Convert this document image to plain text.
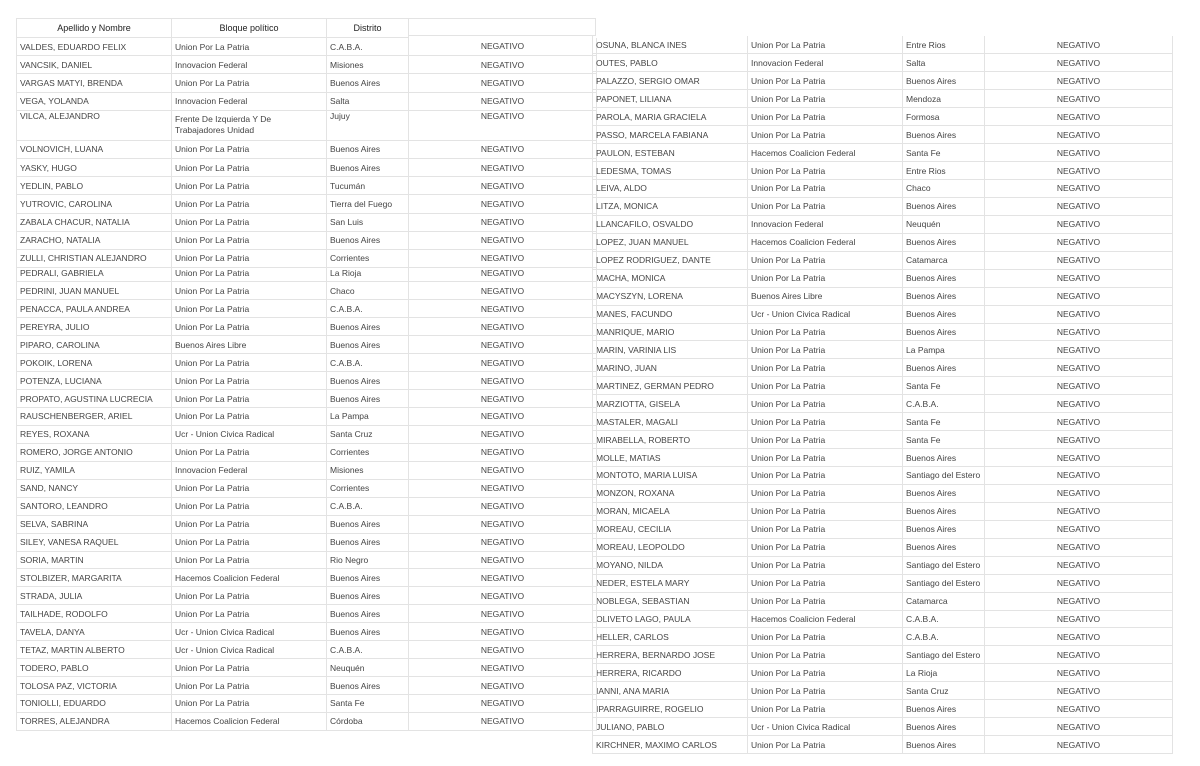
Apellido y Nombre	Bloque político	Distrito	
VALDES, EDUARDO FELIX	Union Por La Patria	C.A.B.A.	NEGATIVO
VANCSIK, DANIEL	Innovacion Federal	Misiones	NEGATIVO
VARGAS MATYI, BRENDA	Union Por La Patria	Buenos Aires	NEGATIVO
VEGA, YOLANDA	Innovacion Federal	Salta	NEGATIVO
VILCA, ALEJANDRO	Frente De Izquierda Y De Trabajadores Unidad	Jujuy	NEGATIVO
VOLNOVICH, LUANA	Union Por La Patria	Buenos Aires	NEGATIVO
YASKY, HUGO	Union Por La Patria	Buenos Aires	NEGATIVO
YEDLIN, PABLO	Union Por La Patria	Tucumán	NEGATIVO
YUTROVIC, CAROLINA	Union Por La Patria	Tierra del Fuego	NEGATIVO
ZABALA CHACUR, NATALIA	Union Por La Patria	San Luis	NEGATIVO
ZARACHO, NATALIA	Union Por La Patria	Buenos Aires	NEGATIVO
ZULLI, CHRISTIAN ALEJANDRO	Union Por La Patria	Corrientes	NEGATIVO
OSUNA, BLANCA INES	Union Por La Patria	Entre Rios	NEGATIVO
OUTES, PABLO	Innovacion Federal	Salta	NEGATIVO
PALAZZO, SERGIO OMAR	Union Por La Patria	Buenos Aires	NEGATIVO
PAPONET, LILIANA	Union Por La Patria	Mendoza	NEGATIVO
PAROLA, MARIA GRACIELA	Union Por La Patria	Formosa	NEGATIVO
PASSO, MARCELA FABIANA	Union Por La Patria	Buenos Aires	NEGATIVO
PAULON, ESTEBAN	Hacemos Coalicion Federal	Santa Fe	NEGATIVO
LEDESMA, TOMAS	Union Por La Patria	Entre Rios	NEGATIVO
LEIVA, ALDO	Union Por La Patria	Chaco	NEGATIVO
LITZA, MONICA	Union Por La Patria	Buenos Aires	NEGATIVO
LLANCAFILO, OSVALDO	Innovacion Federal	Neuquén	NEGATIVO
LOPEZ, JUAN MANUEL	Hacemos Coalicion Federal	Buenos Aires	NEGATIVO
LOPEZ RODRIGUEZ, DANTE	Union Por La Patria	Catamarca	NEGATIVO
MACHA, MONICA	Union Por La Patria	Buenos Aires	NEGATIVO
MACYSZYN, LORENA	Buenos Aires Libre	Buenos Aires	NEGATIVO
MANES, FACUNDO	Ucr - Union Civica Radical	Buenos Aires	NEGATIVO
MANRIQUE, MARIO	Union Por La Patria	Buenos Aires	NEGATIVO
MARIN, VARINIA LIS	Union Por La Patria	La Pampa	NEGATIVO
MARINO, JUAN	Union Por La Patria	Buenos Aires	NEGATIVO
MARTINEZ, GERMAN PEDRO	Union Por La Patria	Santa Fe	NEGATIVO
MARZIOTTA, GISELA	Union Por La Patria	C.A.B.A.	NEGATIVO
MASTALER, MAGALI	Union Por La Patria	Santa Fe	NEGATIVO
MIRABELLA, ROBERTO	Union Por La Patria	Santa Fe	NEGATIVO
MOLLE, MATIAS	Union Por La Patria	Buenos Aires	NEGATIVO
MONTOTO, MARIA LUISA	Union Por La Patria	Santiago del Estero	NEGATIVO
MONZON, ROXANA	Union Por La Patria	Buenos Aires	NEGATIVO
MORAN, MICAELA	Union Por La Patria	Buenos Aires	NEGATIVO
MOREAU, CECILIA	Union Por La Patria	Buenos Aires	NEGATIVO
MOREAU, LEOPOLDO	Union Por La Patria	Buenos Aires	NEGATIVO
MOYANO, NILDA	Union Por La Patria	Santiago del Estero	NEGATIVO
NEDER, ESTELA MARY	Union Por La Patria	Santiago del Estero	NEGATIVO
NOBLEGA, SEBASTIAN	Union Por La Patria	Catamarca	NEGATIVO
OLIVETO LAGO, PAULA	Hacemos Coalicion Federal	C.A.B.A.	NEGATIVO
HELLER, CARLOS	Union Por La Patria	C.A.B.A.	NEGATIVO
HERRERA, BERNARDO JOSE	Union Por La Patria	Santiago del Estero	NEGATIVO
HERRERA, RICARDO	Union Por La Patria	La Rioja	NEGATIVO
IANNI, ANA MARIA	Union Por La Patria	Santa Cruz	NEGATIVO
IPARRAGUIRRE, ROGELIO	Union Por La Patria	Buenos Aires	NEGATIVO
JULIANO, PABLO	Ucr - Union Civica Radical	Buenos Aires	NEGATIVO
KIRCHNER, MAXIMO CARLOS	Union Por La Patria	Buenos Aires	NEGATIVO
PEDRALI, GABRIELA	Union Por La Patria	La Rioja	NEGATIVO
PEDRINI, JUAN MANUEL	Union Por La Patria	Chaco	NEGATIVO
PENACCA, PAULA ANDREA	Union Por La Patria	C.A.B.A.	NEGATIVO
PEREYRA, JULIO	Union Por La Patria	Buenos Aires	NEGATIVO
PIPARO, CAROLINA	Buenos Aires Libre	Buenos Aires	NEGATIVO
POKOIK, LORENA	Union Por La Patria	C.A.B.A.	NEGATIVO
POTENZA, LUCIANA	Union Por La Patria	Buenos Aires	NEGATIVO
PROPATO, AGUSTINA LUCRECIA	Union Por La Patria	Buenos Aires	NEGATIVO
RAUSCHENBERGER, ARIEL	Union Por La Patria	La Pampa	NEGATIVO
REYES, ROXANA	Ucr - Union Civica Radical	Santa Cruz	NEGATIVO
ROMERO, JORGE ANTONIO	Union Por La Patria	Corrientes	NEGATIVO
RUIZ, YAMILA	Innovacion Federal	Misiones	NEGATIVO
SAND, NANCY	Union Por La Patria	Corrientes	NEGATIVO
SANTORO, LEANDRO	Union Por La Patria	C.A.B.A.	NEGATIVO
SELVA, SABRINA	Union Por La Patria	Buenos Aires	NEGATIVO
SILEY, VANESA RAQUEL	Union Por La Patria	Buenos Aires	NEGATIVO
SORIA, MARTIN	Union Por La Patria	Rio Negro	NEGATIVO
STOLBIZER, MARGARITA	Hacemos Coalicion Federal	Buenos Aires	NEGATIVO
STRADA, JULIA	Union Por La Patria	Buenos Aires	NEGATIVO
TAILHADE, RODOLFO	Union Por La Patria	Buenos Aires	NEGATIVO
TAVELA, DANYA	Ucr - Union Civica Radical	Buenos Aires	NEGATIVO
TETAZ, MARTIN ALBERTO	Ucr - Union Civica Radical	C.A.B.A.	NEGATIVO
TODERO, PABLO	Union Por La Patria	Neuquén	NEGATIVO
TOLOSA PAZ, VICTORIA	Union Por La Patria	Buenos Aires	NEGATIVO
TONIOLLI, EDUARDO	Union Por La Patria	Santa Fe	NEGATIVO
TORRES, ALEJANDRA	Hacemos Coalicion Federal	Córdoba	NEGATIVO
